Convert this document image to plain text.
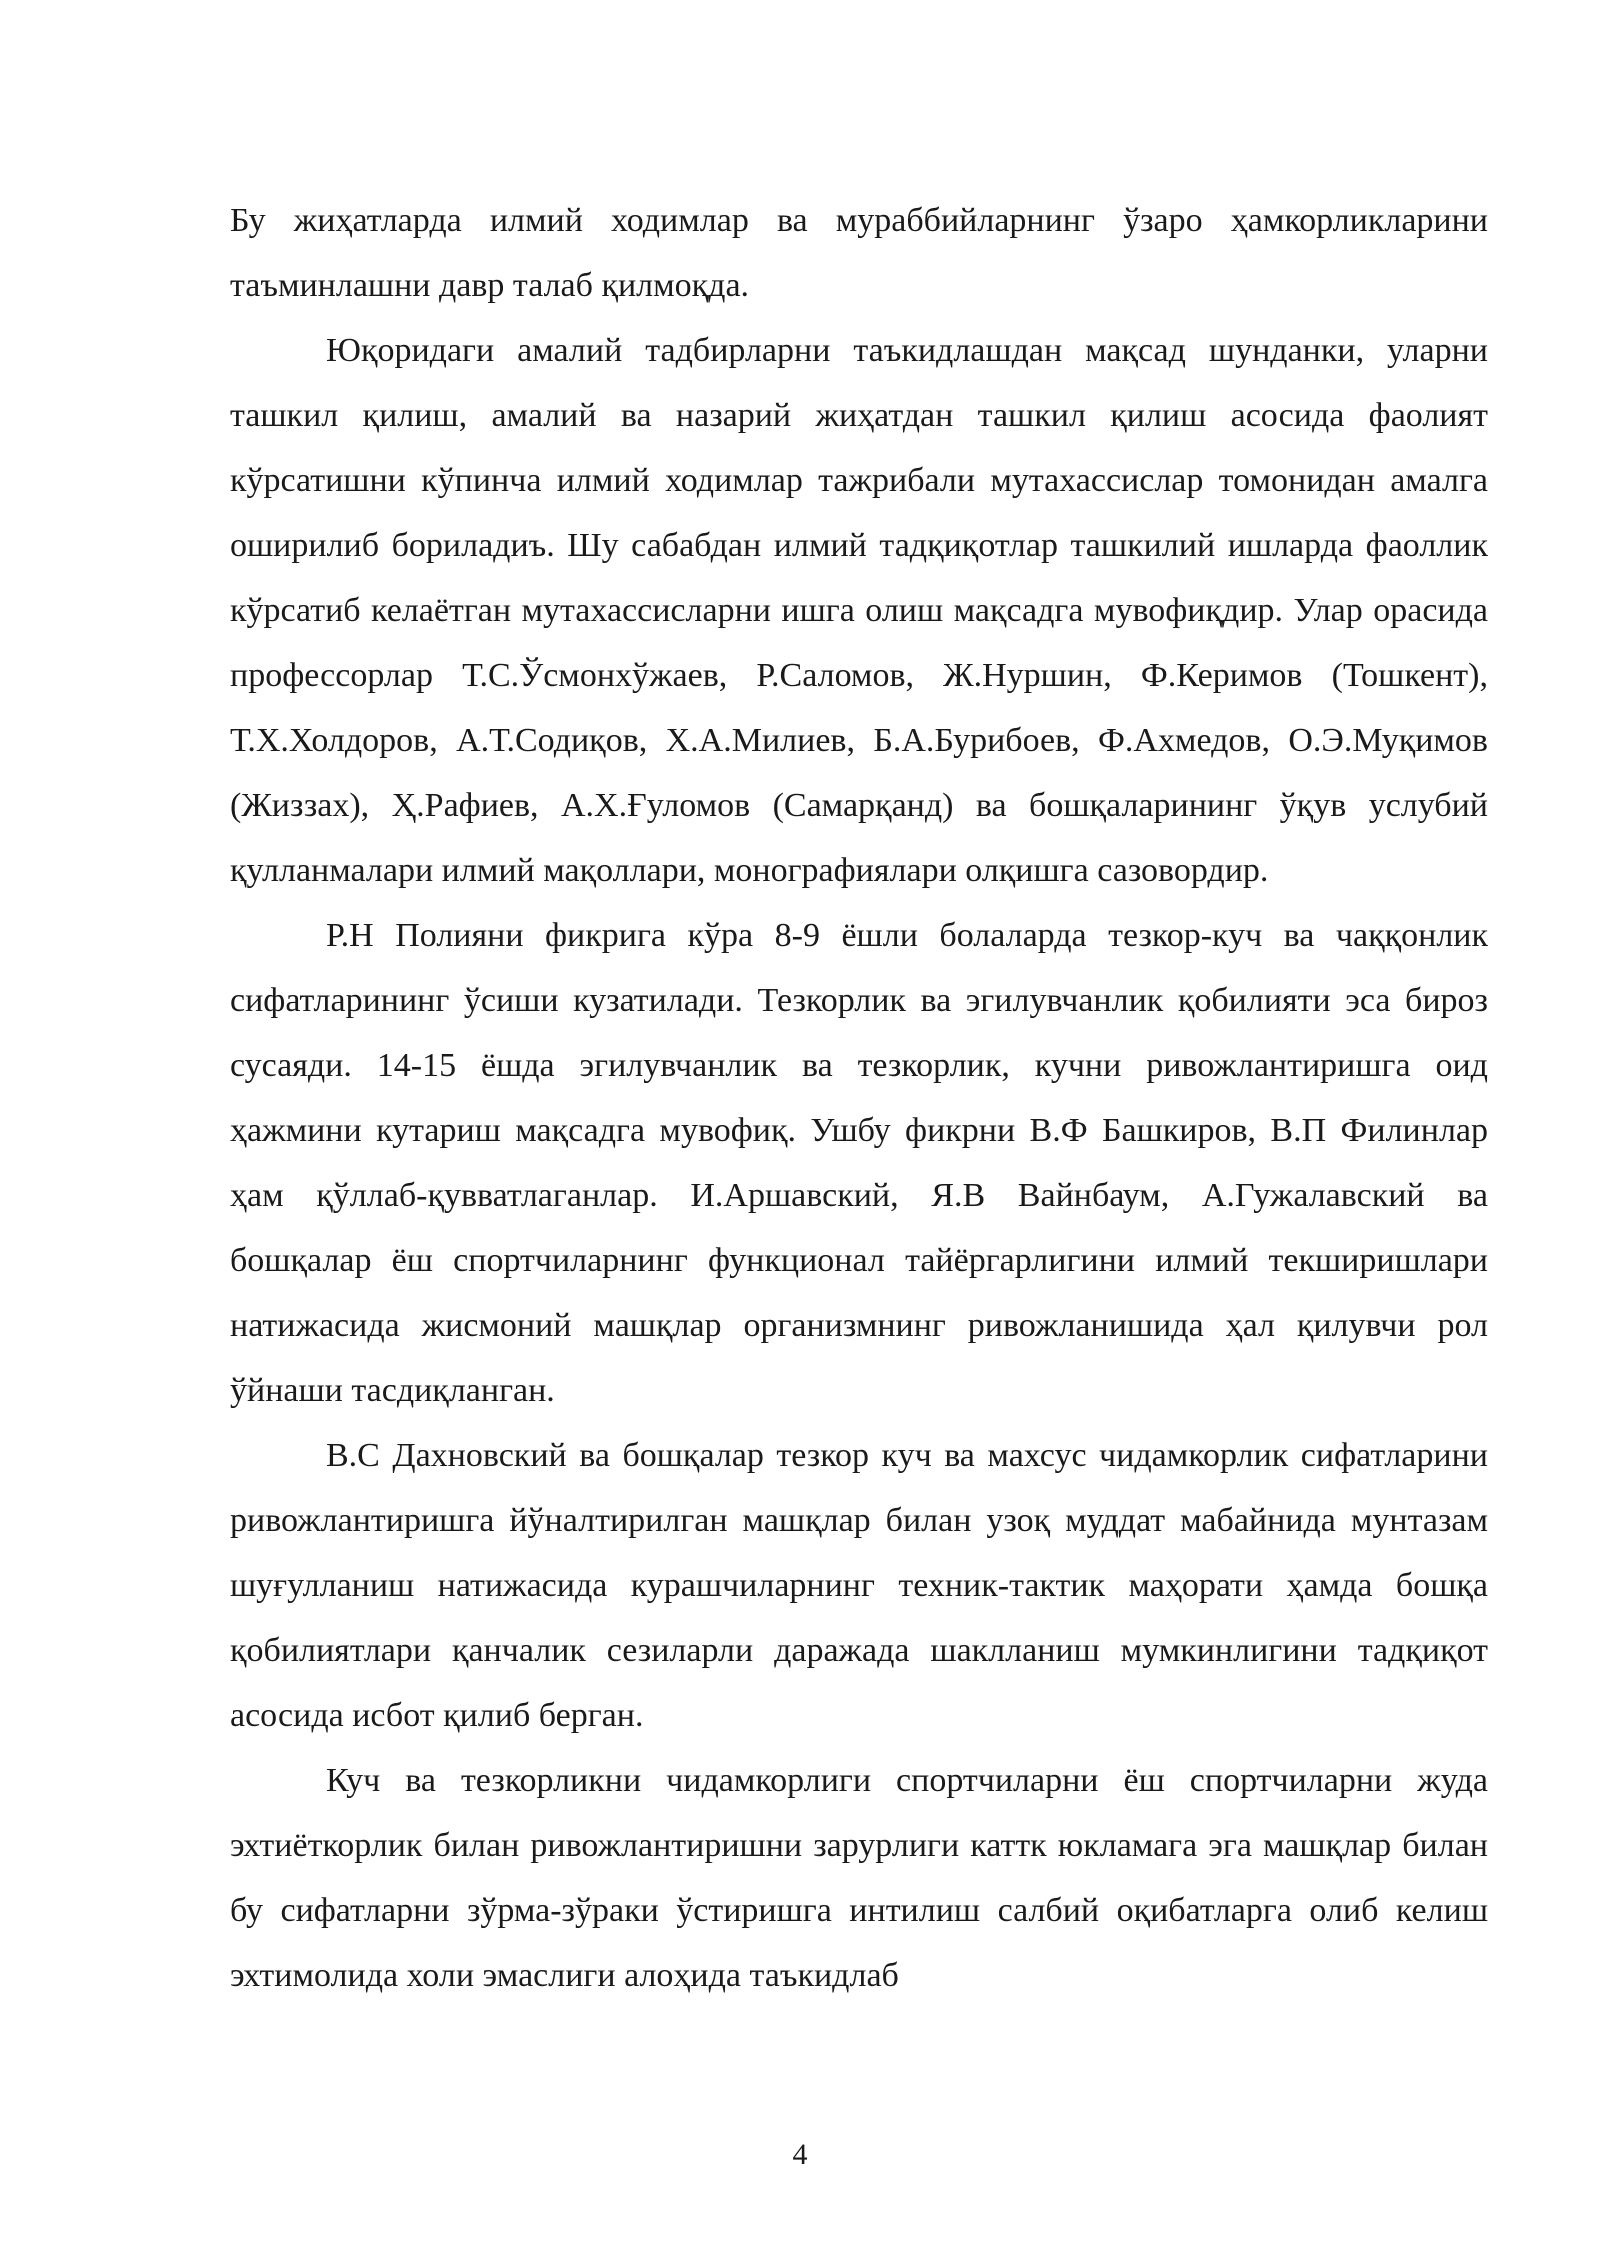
Бу жиҳатларда илмий ходимлар ва мураббийларнинг ўзаро ҳамкорликларини таъминлашни давр талаб қилмоқда.

Юқоридаги амалий тадбирларни таъкидлашдан мақсад шунданки, уларни ташкил қилиш, амалий ва назарий жиҳатдан ташкил қилиш асосида фаолият кўрсатишни кўпинча илмий ходимлар тажрибали мутахассислар томонидан амалга оширилиб бориладиъ. Шу сабабдан илмий тадқиқотлар ташкилий ишларда фаоллик кўрсатиб келаётган мутахассисларни ишга олиш мақсадга мувофиқдир. Улар орасида профессорлар Т.С.Ўсмонхўжаев, Р.Саломов, Ж.Нуршин, Ф.Керимов (Тошкент), Т.Х.Холдоров, А.Т.Содиқов, Х.А.Милиев, Б.А.Бурибоев, Ф.Ахмедов, О.Э.Муқимов (Жиззах), Ҳ.Рафиев, А.Х.Ғуломов (Самарқанд) ва бошқаларининг ўқув услубий қулланмалари илмий мақоллари, монографиялари олқишга сазовордир.

Р.Н Полияни фикрига кўра 8-9 ёшли болаларда тезкор-куч ва чаққонлик сифатларининг ўсиши кузатилади. Тезкорлик ва эгилувчанлик қобилияти эса бироз сусаяди. 14-15 ёшда эгилувчанлик ва тезкорлик, кучни ривожлантиришга оид ҳажмини кутариш мақсадга мувофиқ. Ушбу фикрни В.Ф Башкиров, В.П Филинлар ҳам қўллаб-қувватлаганлар. И.Аршавский, Я.В Вайнбаум, А.Гужалавский ва бошқалар ёш спортчиларнинг функционал тайёргарлигини илмий текширишлари натижасида жисмоний машқлар организмнинг ривожланишида ҳал қилувчи рол ўйнаши тасдиқланган.

В.С Дахновский ва бошқалар тезкор куч ва махсус чидамкорлик сифатларини ривожлантиришга йўналтирилган машқлар билан узоқ муддат мабайнида мунтазам шуғулланиш натижасида курашчиларнинг техник-тактик маҳорати ҳамда бошқа қобилиятлари қанчалик сезиларли даражада шаклланиш мумкинлигини тадқиқот асосида исбот қилиб берган.

Куч ва тезкорликни чидамкорлиги спортчиларни ёш спортчиларни жуда эхтиёткорлик билан ривожлантиришни зарурлиги каттк юкламага эга машқлар билан бу сифатларни зўрма-зўраки ўстиришга интилиш салбий оқибатларга олиб келиш эхтимолида холи эмаслиги алоҳида таъкидлаб

4
